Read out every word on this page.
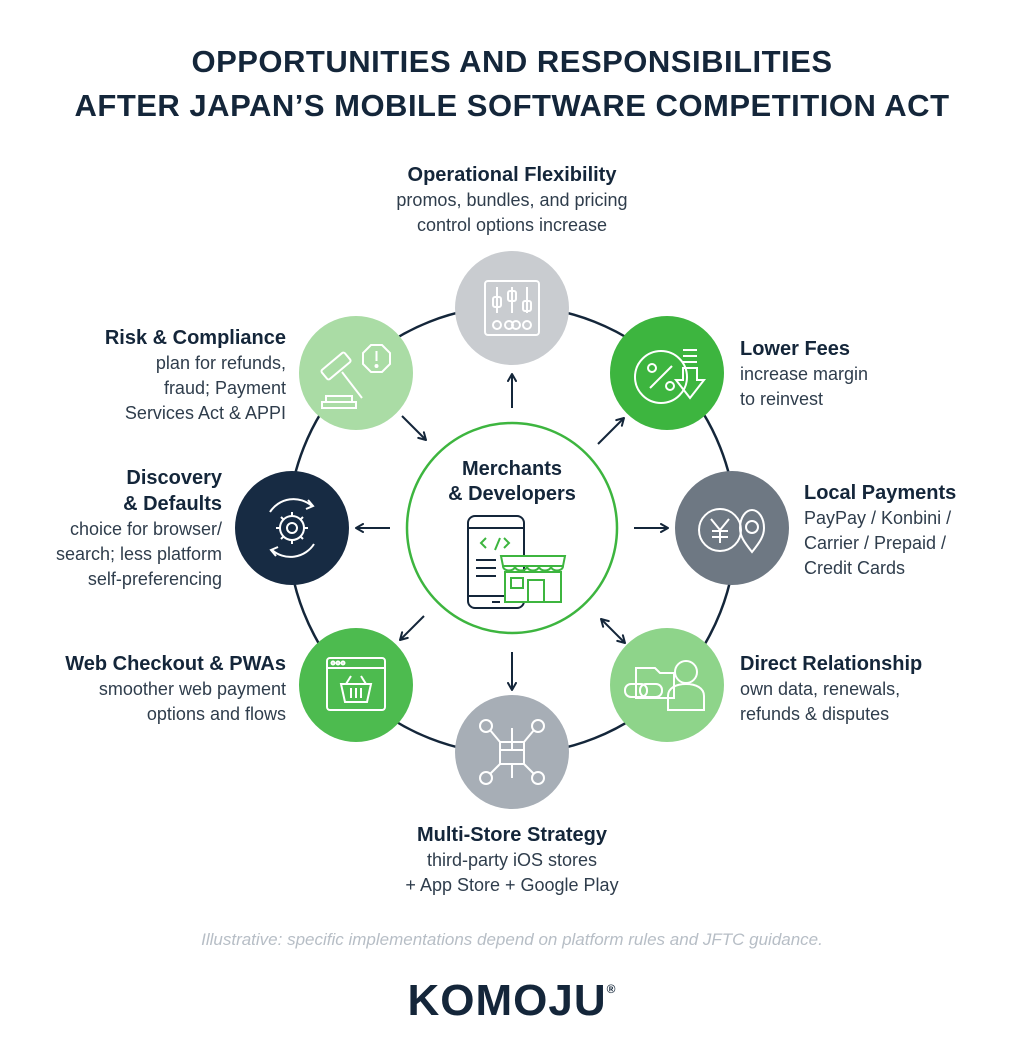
OPPORTUNITIES AND RESPONSIBILITIES
AFTER JAPAN’S MOBILE SOFTWARE COMPETITION ACT
Merchants
& Developers
Operational Flexibility
promos, bundles, and pricing
control options increase
Lower Fees
increase margin
to reinvest
Local Payments
PayPay / Konbini /
Carrier / Prepaid /
Credit Cards
Direct Relationship
own data, renewals,
refunds & disputes
Multi-Store Strategy
third-party iOS stores
+ App Store + Google Play
Web Checkout & PWAs
smoother web payment
options and flows
Discovery
& Defaults
choice for browser/
search; less platform
self-preferencing
Risk & Compliance
plan for refunds,
fraud; Payment
Services Act & APPI
Illustrative: specific implementations depend on platform rules and JFTC guidance.
KOMOJU®
